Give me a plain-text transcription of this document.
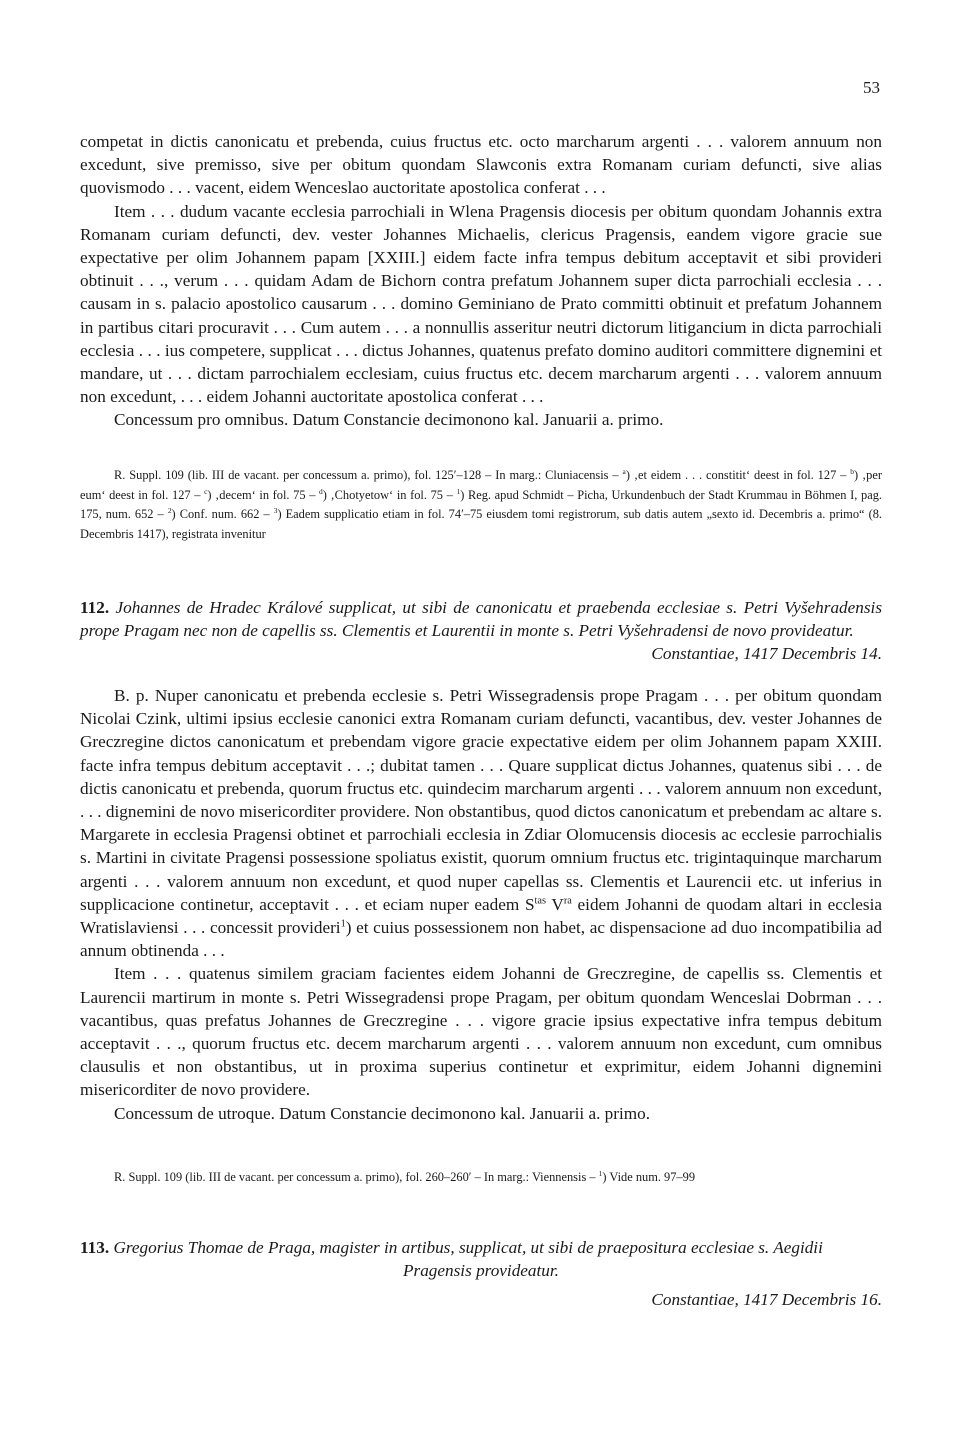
53

competat in dictis canonicatu et prebenda, cuius fructus etc. octo marcharum argenti . . . valorem annuum non excedunt, sive premisso, sive per obitum quondam Slawconis extra Romanam curiam defuncti, sive alias quovismodo . . . vacent, eidem Wenceslao auctoritate apostolica conferat . . .

Item . . . dudum vacante ecclesia parrochiali in Wlena Pragensis diocesis per obitum quondam Johannis extra Romanam curiam defuncti, dev. vester Johannes Michaelis, clericus Pragensis, eandem vigore gracie sue expectative per olim Johannem papam [XXIII.] eidem facte infra tempus debitum acceptavit et sibi provideri obtinuit . . ., verum . . . quidam Adam de Bichorn contra prefatum Johannem super dicta parrochiali ecclesia . . . causam in s. palacio apostolico causarum . . . domino Geminiano de Prato committi obtinuit et prefatum Johannem in partibus citari procuravit . . . Cum autem . . . a nonnullis asseritur neutri dictorum litigancium in dicta parrochiali ecclesia . . . ius competere, supplicat . . . dictus Johannes, quatenus prefato domino auditori committere dignemini et mandare, ut . . . dictam parrochialem ecclesiam, cuius fructus etc. decem marcharum argenti . . . valorem annuum non excedunt, . . . eidem Johanni auctoritate apostolica conferat . . .

Concessum pro omnibus. Datum Constancie decimonono kal. Januarii a. primo.

R. Suppl. 109 (lib. III de vacant. per concessum a. primo), fol. 125′–128 – In marg.: Cluniacensis – $^a$) ‚et eidem . . . constitit‘ deest in fol. 127 – $^b$) ‚per eum‘ deest in fol. 127 – $^c$) ‚decem‘ in fol. 75 – $^d$) ‚Chotyetow‘ in fol. 75 – $^1$) Reg. apud Schmidt – Picha, Urkundenbuch der Stadt Krummau in Böhmen I, pag. 175, num. 652 – $^2$) Conf. num. 662 – $^3$) Eadem supplicatio etiam in fol. 74′–75 eiusdem tomi registrorum, sub datis autem „sexto id. Decembris a. primo“ (8. Decembris 1417), registrata invenitur

112. Johannes de Hradec Králové supplicat, ut sibi de canonicatu et praebenda ecclesiae s. Petri Vyšehradensis prope Pragam nec non de capellis ss. Clementis et Laurentii in monte s. Petri Vyšehradensi de novo provideatur.

Constantiae, 1417 Decembris 14.

B. p. Nuper canonicatu et prebenda ecclesie s. Petri Wissegradensis prope Pragam . . . per obitum quondam Nicolai Czink, ultimi ipsius ecclesie canonici extra Romanam curiam defuncti, vacantibus, dev. vester Johannes de Greczregine dictos canonicatum et prebendam vigore gracie expectative eidem per olim Johannem papam XXIII. facte infra tempus debitum acceptavit . . .; dubitat tamen . . . Quare supplicat dictus Johannes, quatenus sibi . . . de dictis canonicatu et prebenda, quorum fructus etc. quindecim marcharum argenti . . . valorem annuum non excedunt, . . . dignemini de novo misericorditer providere. Non obstantibus, quod dictos canonicatum et prebendam ac altare s. Margarete in ecclesia Pragensi obtinet et parrochiali ecclesia in Zdiar Olomucensis diocesis ac ecclesie parrochialis s. Martini in civitate Pragensi possessione spoliatus existit, quorum omnium fructus etc. trigintaquinque marcharum argenti . . . valorem annuum non excedunt, et quod nuper capellas ss. Clementis et Laurencii etc. ut inferius in supplicacione continetur, acceptavit . . . et eciam nuper eadem $S^{tas}$ $V^{ra}$ eidem Johanni de quodam altari in ecclesia Wratislaviensi . . . concessit provideri$^1$) et cuius possessionem non habet, ac dispensacione ad duo incompatibilia ad annum obtinenda . . .

Item . . . quatenus similem graciam facientes eidem Johanni de Greczregine, de capellis ss. Clementis et Laurencii martirum in monte s. Petri Wissegradensi prope Pragam, per obitum quondam Wenceslai Dobrman . . . vacantibus, quas prefatus Johannes de Greczregine . . . vigore gracie ipsius expectative infra tempus debitum acceptavit . . ., quorum fructus etc. decem marcharum argenti . . . valorem annuum non excedunt, cum omnibus clausulis et non obstantibus, ut in proxima superius continetur et exprimitur, eidem Johanni dignemini misericorditer de novo providere.

Concessum de utroque. Datum Constancie decimonono kal. Januarii a. primo.

R. Suppl. 109 (lib. III de vacant. per concessum a. primo), fol. 260–260′ – In marg.: Viennensis – $^1$) Vide num. 97–99

113. Gregorius Thomae de Praga, magister in artibus, supplicat, ut sibi de praepositura ecclesiae s. Aegidii

Pragensis provideatur.

Constantiae, 1417 Decembris 16.
